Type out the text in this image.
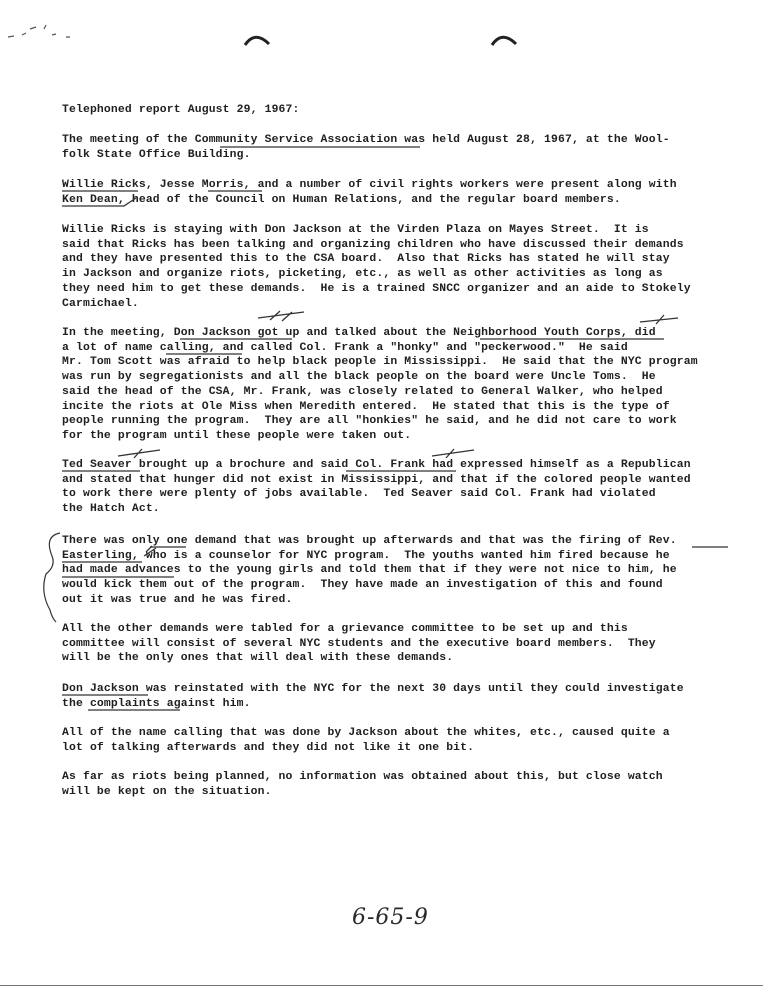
Telephoned report August 29, 1967:
The meeting of the Community Service Association was held August 28, 1967, at the Wool-
folk State Office Building.
Willie Ricks, Jesse Morris, and a number of civil rights workers were present along with
Ken Dean, head of the Council on Human Relations, and the regular board members.
Willie Ricks is staying with Don Jackson at the Virden Plaza on Mayes Street.  It is
said that Ricks has been talking and organizing children who have discussed their demands
and they have presented this to the CSA board.  Also that Ricks has stated he will stay
in Jackson and organize riots, picketing, etc., as well as other activities as long as
they need him to get these demands.  He is a trained SNCC organizer and an aide to Stokely
Carmichael.
In the meeting, Don Jackson got up and talked about the Neighborhood Youth Corps, did
a lot of name calling, and called Col. Frank a "honky" and "peckerwood."  He said
Mr. Tom Scott was afraid to help black people in Mississippi.  He said that the NYC program
was run by segregationists and all the black people on the board were Uncle Toms.  He
said the head of the CSA, Mr. Frank, was closely related to General Walker, who helped
incite the riots at Ole Miss when Meredith entered.  He stated that this is the type of
people running the program.  They are all "honkies" he said, and he did not care to work
for the program until these people were taken out.
Ted Seaver brought up a brochure and said Col. Frank had expressed himself as a Republican
and stated that hunger did not exist in Mississippi, and that if the colored people wanted
to work there were plenty of jobs available.  Ted Seaver said Col. Frank had violated
the Hatch Act.
There was only one demand that was brought up afterwards and that was the firing of Rev.
Easterling, who is a counselor for NYC program.  The youths wanted him fired because he
had made advances to the young girls and told them that if they were not nice to him, he
would kick them out of the program.  They have made an investigation of this and found
out it was true and he was fired.
All the other demands were tabled for a grievance committee to be set up and this
committee will consist of several NYC students and the executive board members.  They
will be the only ones that will deal with these demands.
Don Jackson was reinstated with the NYC for the next 30 days until they could investigate
the complaints against him.
All of the name calling that was done by Jackson about the whites, etc., caused quite a
lot of talking afterwards and they did not like it one bit.
As far as riots being planned, no information was obtained about this, but close watch
will be kept on the situation.
6-65-9
